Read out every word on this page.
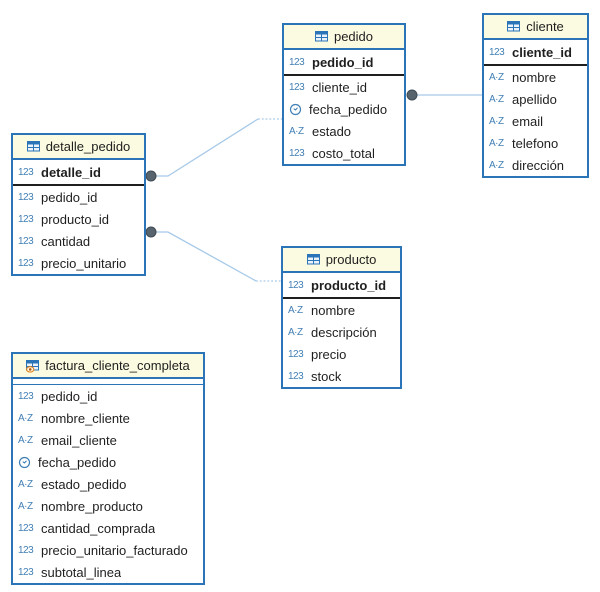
pedido
123 pedido_id
123 cliente_id
fecha_pedido
A·Z estado
123 costo_total
cliente
123 cliente_id
A·Z nombre
A·Z apellido
A·Z email
A·Z telefono
A·Z dirección
detalle_pedido
123 detalle_id
123 pedido_id
123 producto_id
123 cantidad
123 precio_unitario	producto
123 producto_id
A·Z nombre
A·Z descripción
123 precio
123 stock
factura_cliente_completa
123 pedido_id
A·Z nombre_cliente
A·Z email_cliente
fecha_pedido
A·Z estado_pedido
A·Z nombre_producto
123 cantidad_comprada
123 precio_unitario_facturado
123 subtotal_linea
